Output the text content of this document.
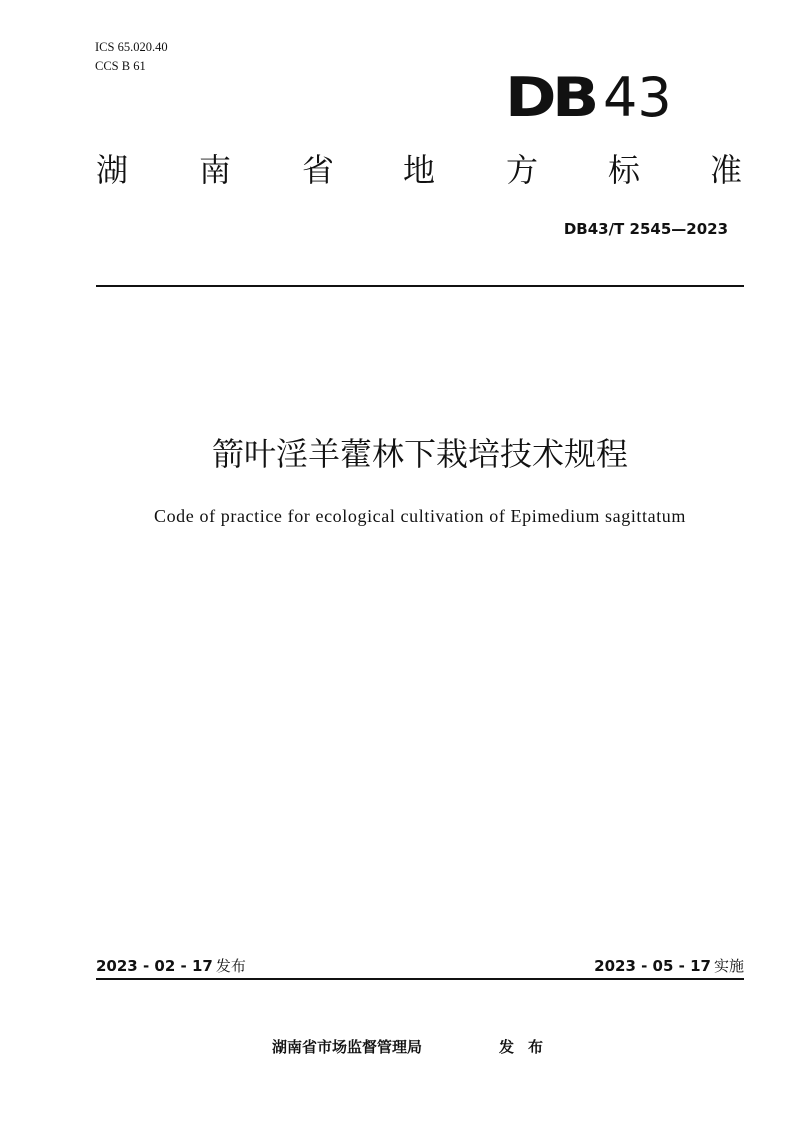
ICS 65.020.40
CCS B 61	DB 43
湖 南 省 地 方 标 准
DB43/T 2545—2023
箭叶淫羊藿林下栽培技术规程
Code of practice for ecological cultivation of Epimedium sagittatum
2023 - 02 - 17 发布	2023 - 05 - 17 实施
湖南省市场监督管理局	发布
